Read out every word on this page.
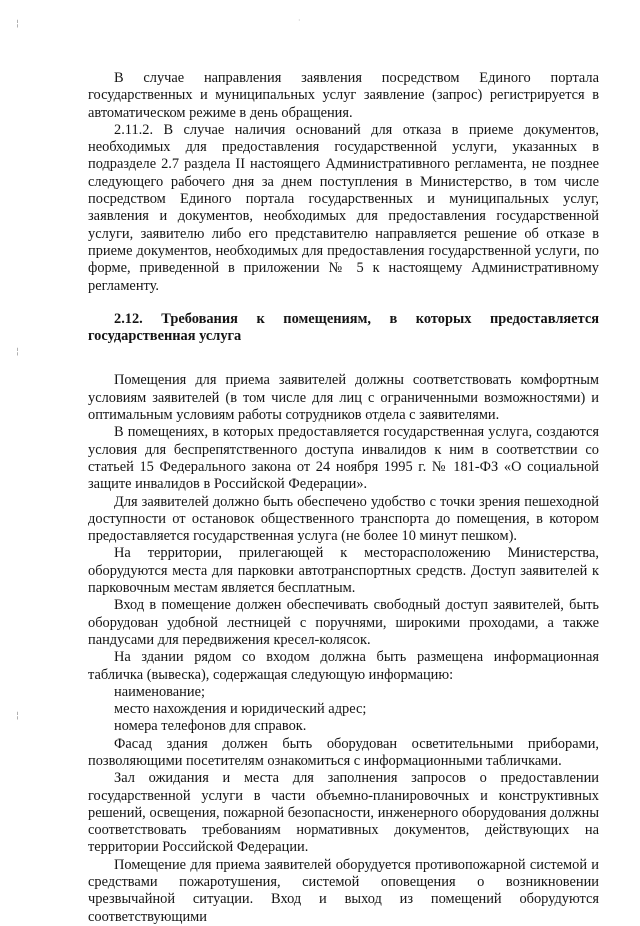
·
¦
¦
¦

В случае направления заявления посредством Единого портала государственных и муниципальных услуг заявление (запрос) регистрируется в автоматическом режиме в день обращения.

2.11.2. В случае наличия оснований для отказа в приеме документов, необходимых для предоставления государственной услуги, указанных в подразделе 2.7 раздела II настоящего Административного регламента, не позднее следующего рабочего дня за днем поступления в Министерство, в том числе посредством Единого портала государственных и муниципальных услуг, заявления и документов, необходимых для предоставления государственной услуги, заявителю либо его представителю направляется решение об отказе в приеме документов, необходимых для предоставления государственной услуги, по форме, приведенной в приложении № 5 к настоящему Административному регламенту.

2.12. Требования к помещениям, в которых предоставляется государственная услуга

Помещения для приема заявителей должны соответствовать комфортным условиям заявителей (в том числе для лиц с ограниченными возможностями) и оптимальным условиям работы сотрудников отдела с заявителями.

В помещениях, в которых предоставляется государственная услуга, создаются условия для беспрепятственного доступа инвалидов к ним в соответствии со статьей 15 Федерального закона от 24 ноября 1995 г. № 181-ФЗ «О социальной защите инвалидов в Российской Федерации».

Для заявителей должно быть обеспечено удобство с точки зрения пешеходной доступности от остановок общественного транспорта до помещения, в котором предоставляется государственная услуга (не более 10 минут пешком).

На территории, прилегающей к месторасположению Министерства, оборудуются места для парковки автотранспортных средств. Доступ заявителей к парковочным местам является бесплатным.

Вход в помещение должен обеспечивать свободный доступ заявителей, быть оборудован удобной лестницей с поручнями, широкими проходами, а также пандусами для передвижения кресел-колясок.

На здании рядом со входом должна быть размещена информационная табличка (вывеска), содержащая следующую информацию:

наименование;

место нахождения и юридический адрес;

номера телефонов для справок.

Фасад здания должен быть оборудован осветительными приборами, позволяющими посетителям ознакомиться с информационными табличками.

Зал ожидания и места для заполнения запросов о предоставлении государственной услуги в части объемно-планировочных и конструктивных решений, освещения, пожарной безопасности, инженерного оборудования должны соответствовать требованиям нормативных документов, действующих на территории Российской Федерации.

Помещение для приема заявителей оборудуется противопожарной системой и средствами пожаротушения, системой оповещения о возникновении чрезвычайной ситуации. Вход и выход из помещений оборудуются соответствующими
